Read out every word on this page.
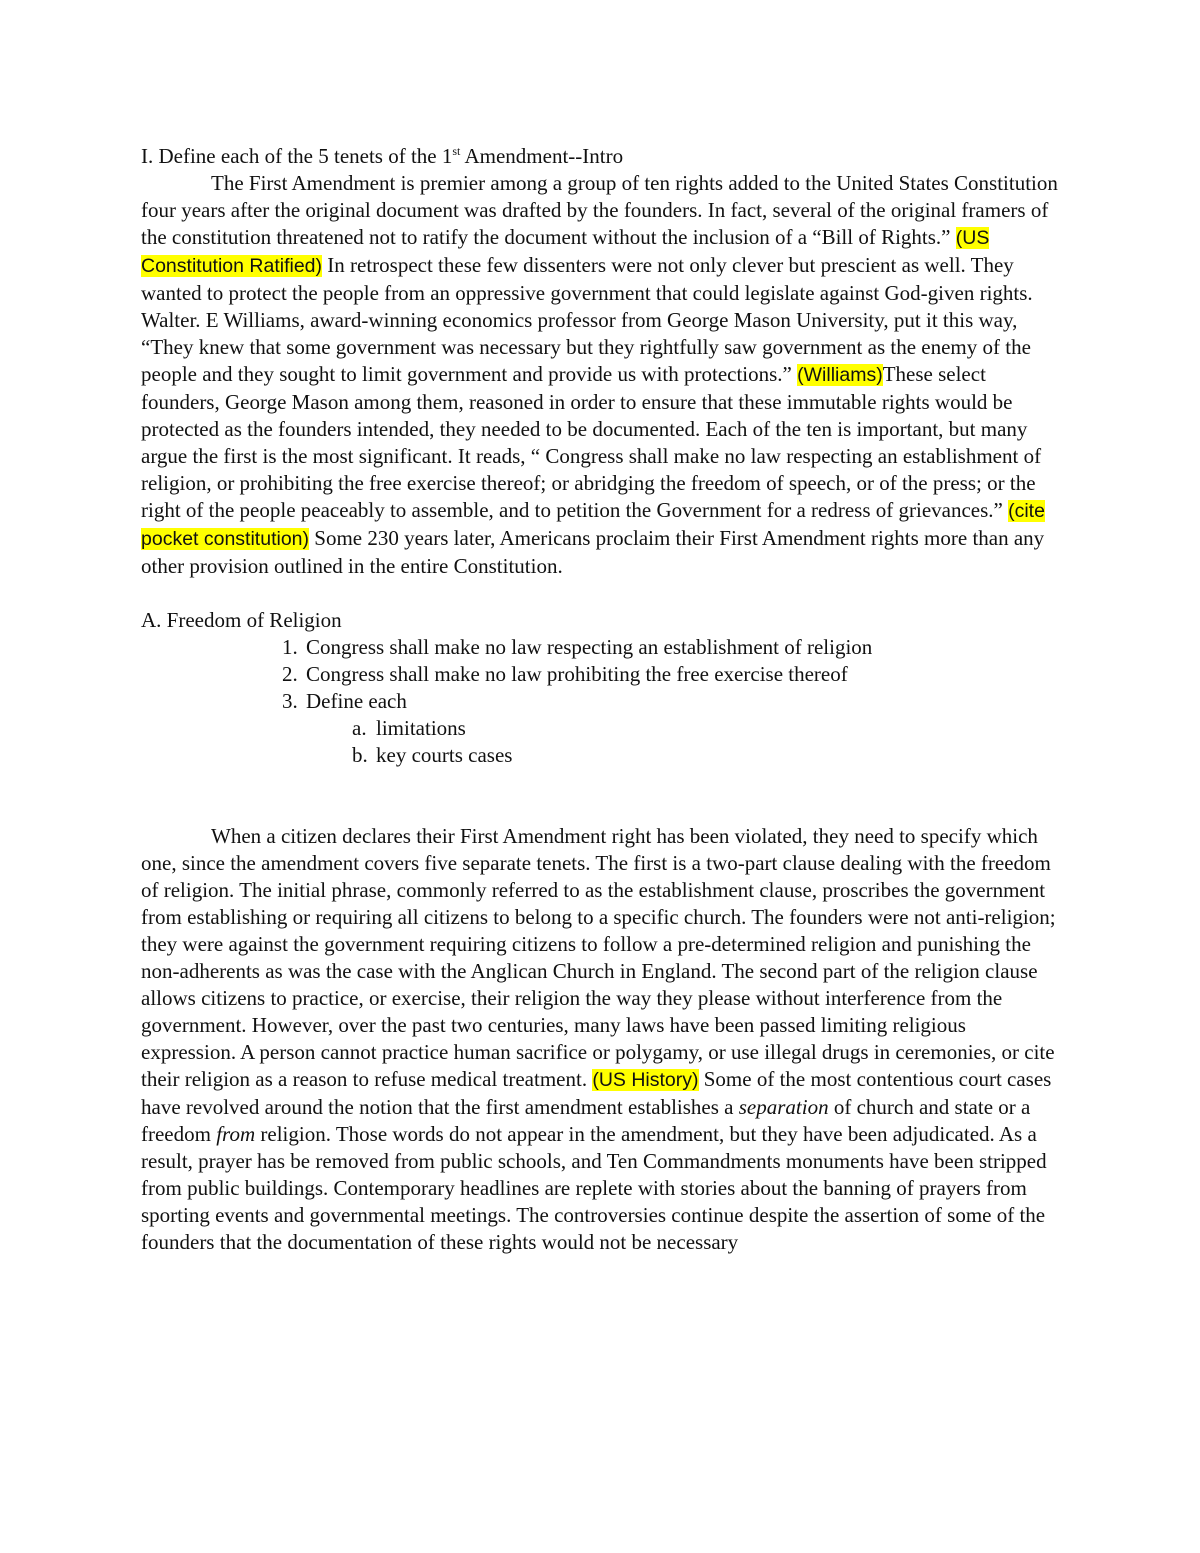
I. Define each of the 5 tenets of the 1st Amendment--Intro

The First Amendment is premier among a group of ten rights added to the United States Constitution four years after the original document was drafted by the founders. In fact, several of the original framers of the constitution threatened not to ratify the document without the inclusion of a “Bill of Rights.” (US Constitution Ratified) In retrospect these few dissenters were not only clever but prescient as well. They wanted to protect the people from an oppressive government that could legislate against God-given rights. Walter. E Williams, award-winning economics professor from George Mason University, put it this way, “They knew that some government was necessary but they rightfully saw government as the enemy of the people and they sought to limit government and provide us with protections.” (Williams)These select founders, George Mason among them, reasoned in order to ensure that these immutable rights would be protected as the founders intended, they needed to be documented. Each of the ten is important, but many argue the first is the most significant. It reads, “ Congress shall make no law respecting an establishment of religion, or prohibiting the free exercise thereof; or abridging the freedom of speech, or of the press; or the right of the people peaceably to assemble, and to petition the Government for a redress of grievances.” (cite pocket constitution) Some 230 years later, Americans proclaim their First Amendment rights more than any other provision outlined in the entire Constitution.

A. Freedom of Religion

1. Congress shall make no law respecting an establishment of religion

2. Congress shall make no law prohibiting the free exercise thereof

3. Define each

a. limitations

b. key courts cases

When a citizen declares their First Amendment right has been violated, they need to specify which one, since the amendment covers five separate tenets. The first is a two-part clause dealing with the freedom of religion. The initial phrase, commonly referred to as the establishment clause, proscribes the government from establishing or requiring all citizens to belong to a specific church. The founders were not anti-religion; they were against the government requiring citizens to follow a pre-determined religion and punishing the non-adherents as was the case with the Anglican Church in England. The second part of the religion clause allows citizens to practice, or exercise, their religion the way they please without interference from the government. However, over the past two centuries, many laws have been passed limiting religious expression. A person cannot practice human sacrifice or polygamy, or use illegal drugs in ceremonies, or cite their religion as a reason to refuse medical treatment. (US History) Some of the most contentious court cases have revolved around the notion that the first amendment establishes a separation of church and state or a freedom from religion. Those words do not appear in the amendment, but they have been adjudicated. As a result, prayer has be removed from public schools, and Ten Commandments monuments have been stripped from public buildings. Contemporary headlines are replete with stories about the banning of prayers from sporting events and governmental meetings. The controversies continue despite the assertion of some of the founders that the documentation of these rights would not be necessary
